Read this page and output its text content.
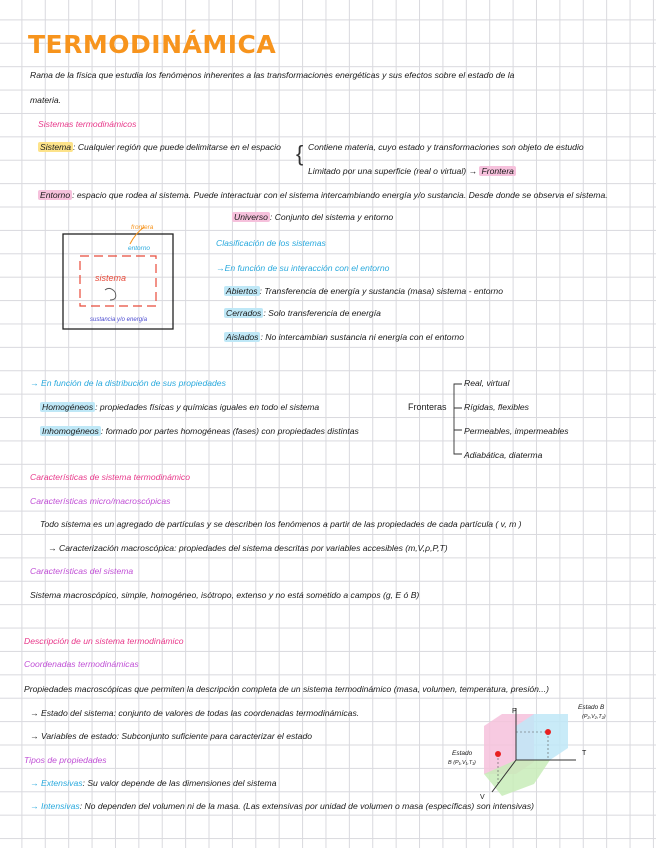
TERMODINÁMICA
Rama de la física que estudia los fenómenos inherentes a las transformaciones energéticas y sus efectos sobre el estado de la
materia.
Sistemas termodinámicos
Sistema : Cualquier región que puede delimitarse en el espacio { Contiene materia, cuyo estado y transformaciones son objeto de estudio
Limitado por una superficie (real o virtual) → Frontera
Entorno : espacio que rodea al sistema. Puede interactuar con el sistema intercambiando energía y/o sustancia. Desde donde se observa el sistema.
Universo : Conjunto del sistema y entorno
frontera
entorno
sistema
sustancia y/o energía
Clasificación de los sistemas
→En función de su interacción con el entorno
Abiertos : Transferencia de energía y sustancia (masa) sistema - entorno
Cerrados : Solo transferencia de energía
Aislados : No intercambian sustancia ni energía con el entorno
→ En función de la distribución de sus propiedades
Homogéneos : propiedades físicas y químicas iguales en todo el sistema
Inhomogéneos : formado por partes homogéneas (fases) con propiedades distintas
Fronteras
Real, virtual
Rígidas, flexibles
Permeables, impermeables
Adiabática, diaterma
Características de sistema termodinámico
Características micro/macroscópicas
Todo sistema es un agregado de partículas y se describen los fenómenos a partir de las propiedades de cada partícula ( v, m )
→ Caracterización macroscópica: propiedades del sistema descritas por variables accesibles (m,V,ρ,P,T)
Características del sistema
Sistema macroscópico, simple, homogéneo, isótropo, extenso y no está sometido a campos (g, E ó B)
Descripción de un sistema termodinámico
Coordenadas termodinámicas
Propiedades macroscópicas que permiten la descripción completa de un sistema termodinámico (masa, volumen, temperatura, presión...)
→ Estado del sistema: conjunto de valores de todas las coordenadas termodinámicas.
→ Variables de estado: Subconjunto suficiente para caracterizar el estado
Tipos de propiedades
→ Extensivas: Su valor depende de las dimensiones del sistema
→ Intensivas: No dependen del volumen ni de la masa. (Las extensivas por unidad de volumen o masa (específicas) son intensivas)
P
T
V
Estado B
(P₂,V₂,T₂)
Estado
B (P₁,V₁,T₁)
